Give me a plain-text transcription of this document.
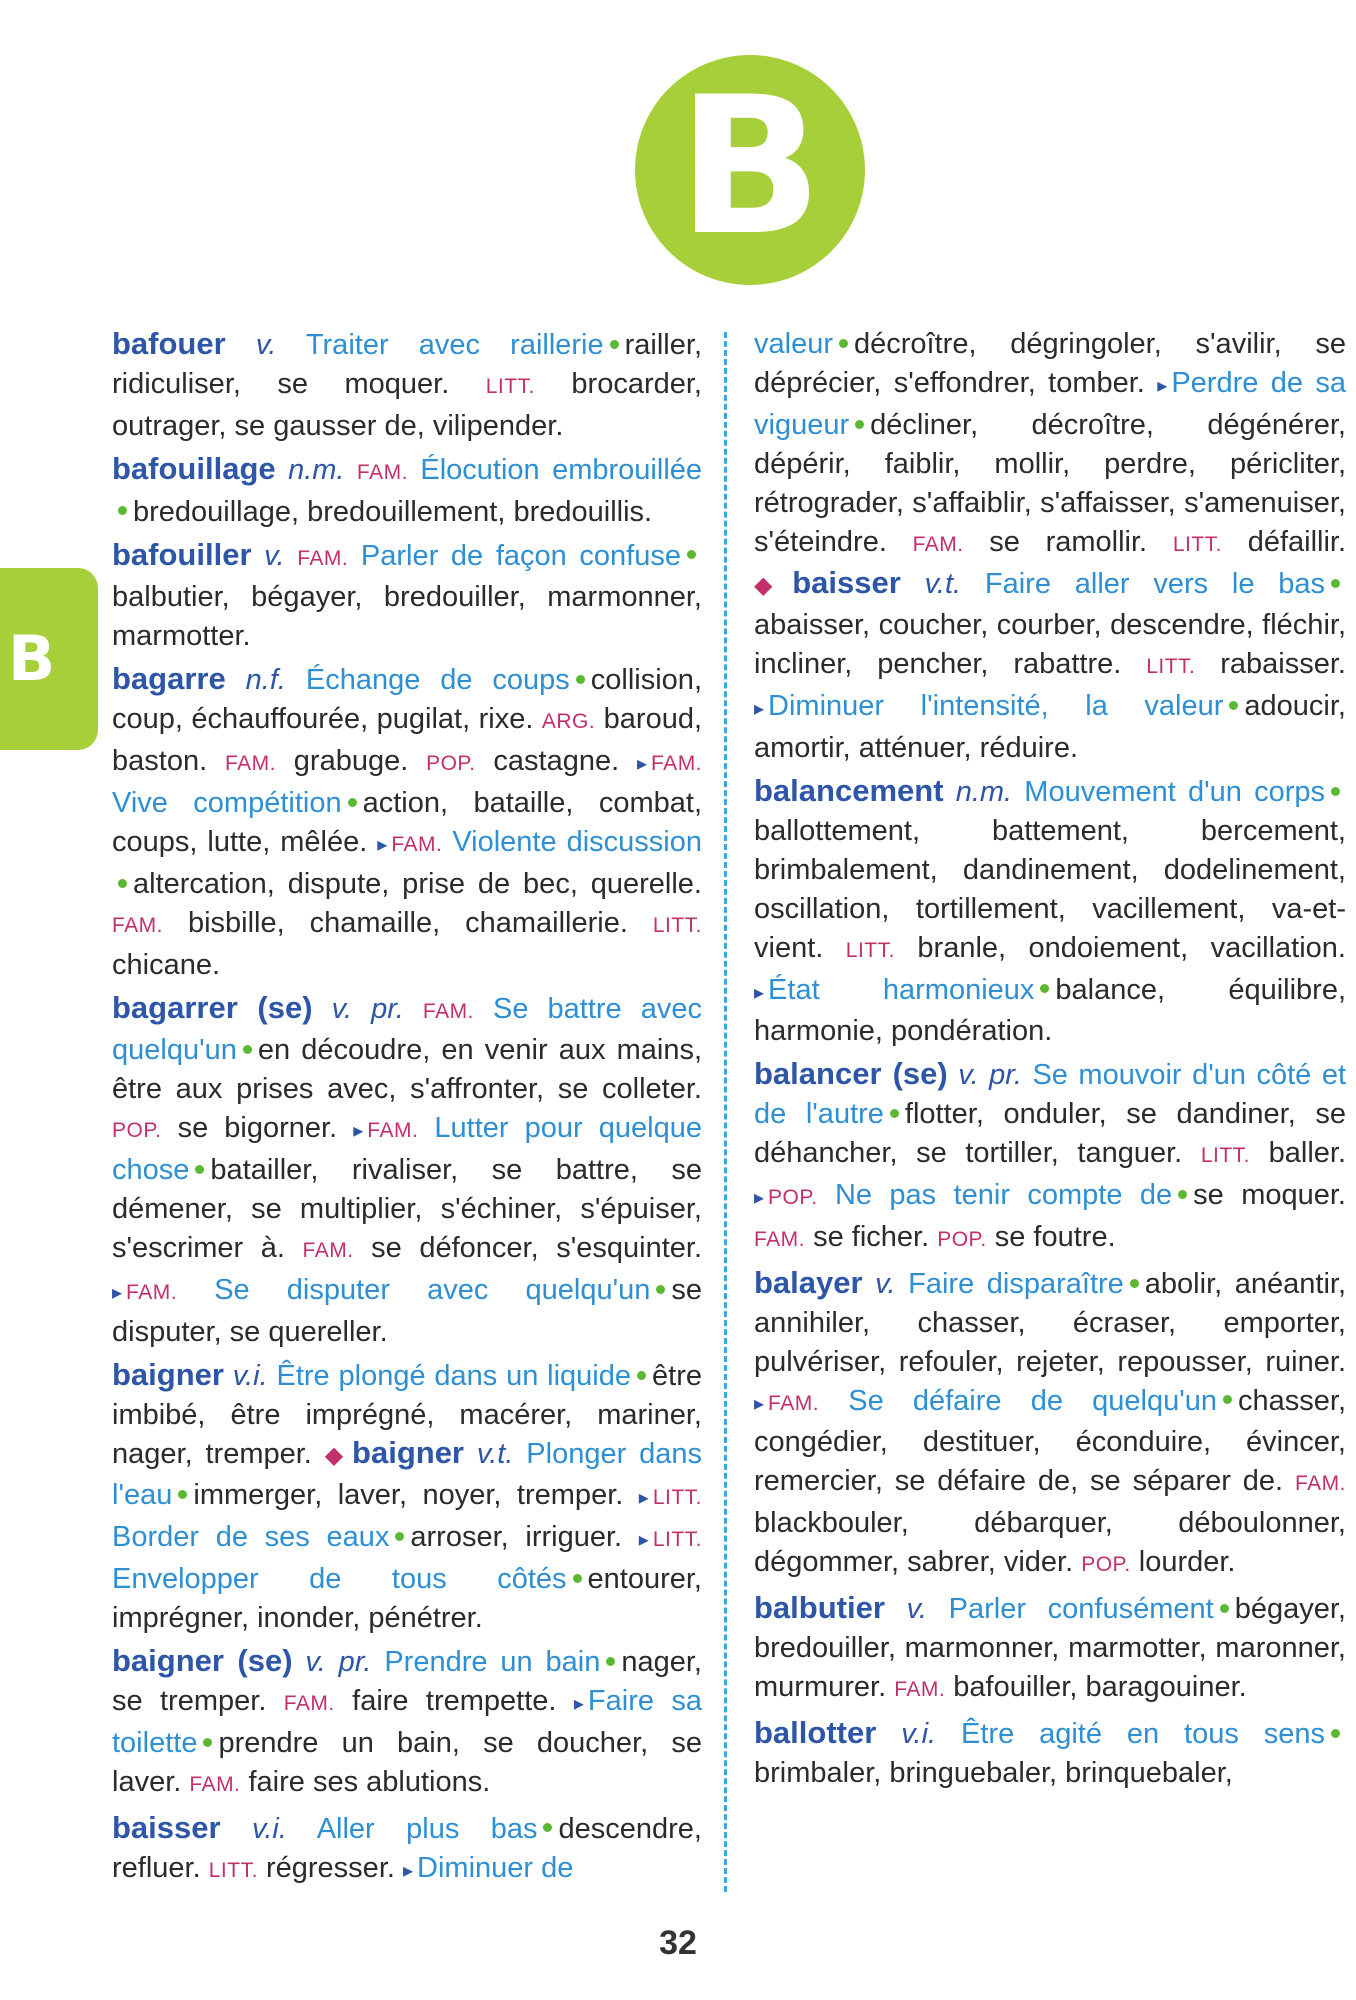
B
B

bafouer v. Traiter avec raillerie railler, ridiculiser, se moquer. LITT. brocarder, outrager, se gausser de, vilipender.

bafouillage n.m. FAM. Élocution embrouilléebredouillage, bredouillement, bredouillis.

bafouiller v. FAM. Parler de façon confusebalbutier, bégayer, bredouiller, marmonner, marmotter.

bagarre n.f. Échange de coups collision, coup, échauffourée, pugilat, rixe. ARG. baroud, baston. FAM. grabuge. POP. castagne. ▸ FAM. Vive compétition action, bataille, combat, coups, lutte, mêlée. ▸ FAM. Violente discussionaltercation, dispute, prise de bec, querelle. FAM. bisbille, chamaille, chamaillerie. LITT. chicane.

bagarrer (se) v. pr. FAM. Se battre avec quelqu'un en découdre, en venir aux mains, être aux prises avec, s'affronter, se colleter. POP. se bigorner. ▸ FAM. Lutter pour quelque chose batailler, rivaliser, se battre, se démener, se multiplier, s'échiner, s'épuiser, s'escrimer à. FAM. se défoncer, s'esquinter. ▸ FAM. Se disputer avec quelqu'un se disputer, se quereller.

baigner v.i. Être plongé dans un liquide être imbibé, être imprégné, macérer, mariner, nager, tremper. ◆ baigner v.t. Plonger dans l'eau immerger, laver, noyer, tremper. ▸ LITT. Border de ses eaux arroser, irriguer. ▸ LITT. Envelopper de tous côtés entourer, imprégner, inonder, pénétrer.

baigner (se) v. pr. Prendre un bain nager, se tremper. FAM. faire trempette. ▸ Faire sa toilette prendre un bain, se doucher, se laver. FAM. faire ses ablutions.

baisser v.i. Aller plus bas descendre, refluer. LITT. régresser. ▸ Diminuer de

valeur décroître, dégringoler, s'avilir, se déprécier, s'effondrer, tomber. ▸ Perdre de sa vigueur décliner, décroître, dégénérer, dépérir, faiblir, mollir, perdre, péricliter, rétrograder, s'affaiblir, s'affaisser, s'amenuiser, s'éteindre. FAM. se ramollir. LITT. défaillir. ◆ baisser v.t. Faire aller vers le basabaisser, coucher, courber, descendre, fléchir, incliner, pencher, rabattre. LITT. rabaisser. ▸ Diminuer l'intensité, la valeur adoucir, amortir, atténuer, réduire.

balancement n.m. Mouvement d'un corpsballottement, battement, bercement, brimbalement, dandinement, dodelinement, oscillation, tortillement, vacillement, va-et-vient. LITT. branle, ondoiement, vacillation. ▸ État harmonieux balance, équilibre, harmonie, pondération.

balancer (se) v. pr. Se mouvoir d'un côté et de l'autre flotter, onduler, se dandiner, se déhancher, se tortiller, tanguer. LITT. baller. ▸ POP. Ne pas tenir compte de se moquer. FAM. se ficher. POP. se foutre.

balayer v. Faire disparaître abolir, anéantir, annihiler, chasser, écraser, emporter, pulvériser, refouler, rejeter, repousser, ruiner. ▸ FAM. Se défaire de quelqu'un chasser, congédier, destituer, éconduire, évincer, remercier, se défaire de, se séparer de. FAM. blackbouler, débarquer, déboulonner, dégommer, sabrer, vider. POP. lourder.

balbutier v. Parler confusément bégayer, bredouiller, marmonner, marmotter, maronner, murmurer. FAM. bafouiller, baragouiner.

ballotter v.i. Être agité en tous sensbrimbaler, bringuebaler, brinquebaler,

32
